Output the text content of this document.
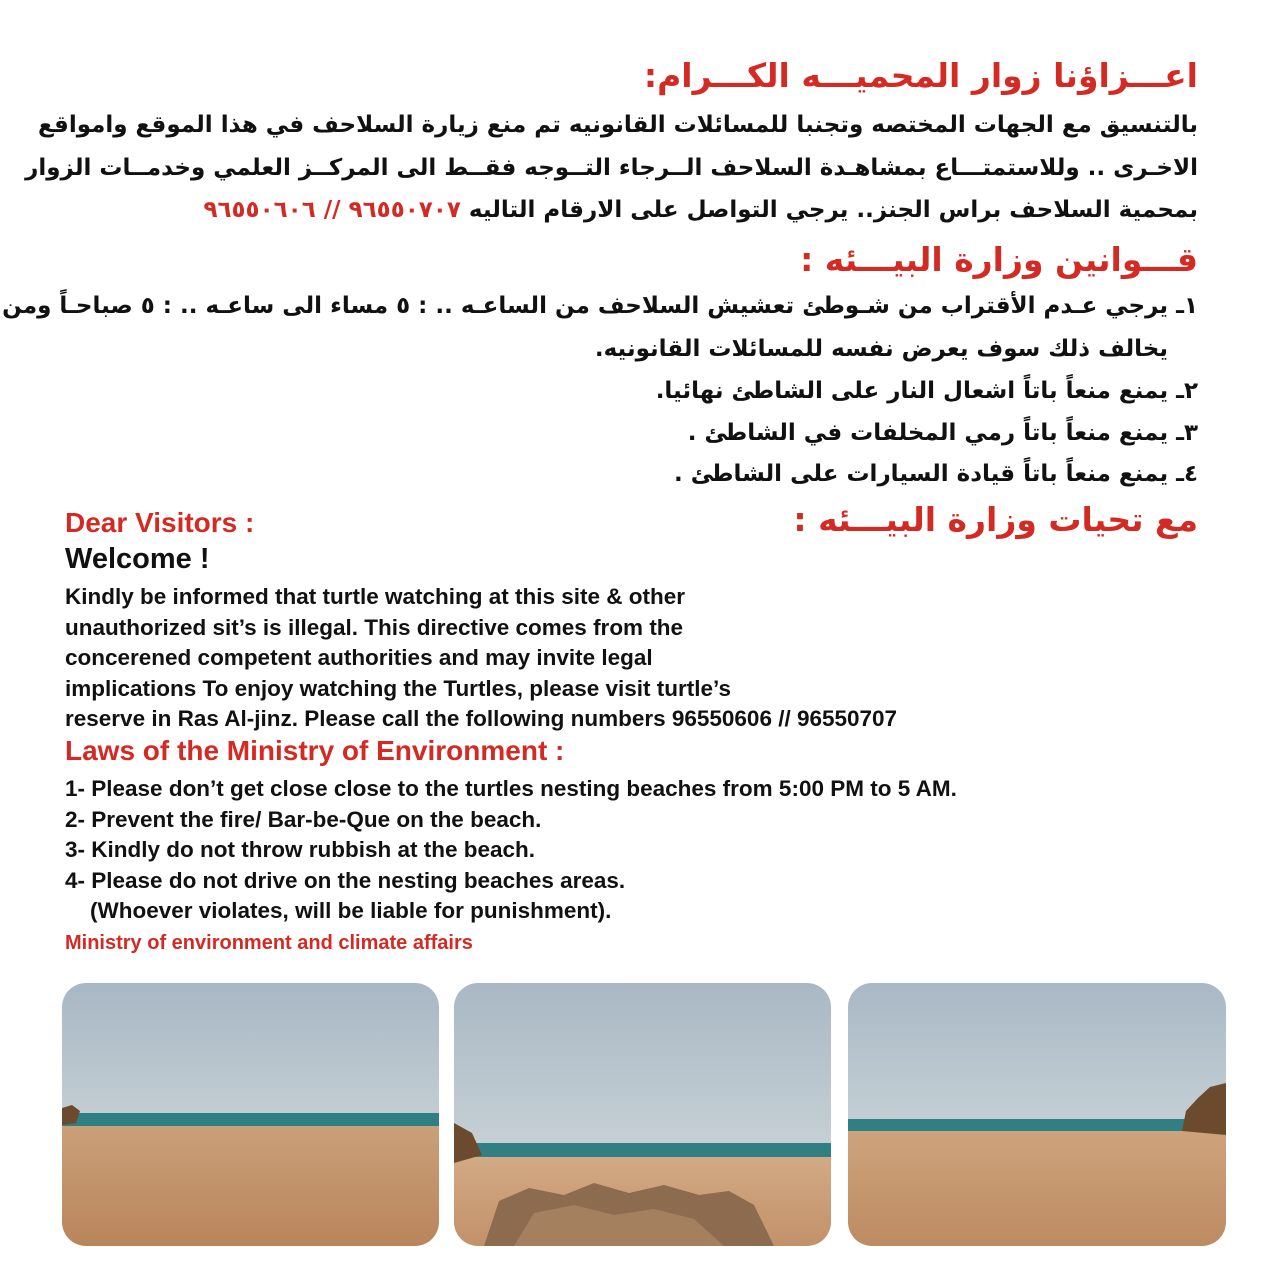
اعـــزاؤنا زوار المحميـــه الكـــرام:
بالتنسيق مع الجهات المختصه وتجنبا للمسائلات القانونيه تم منع زيارة السلاحف في هذا الموقع وامواقع
الاخـرى .. وللاستمتـــاع بمشاهـدة السلاحف الــرجاء التــوجه فقــط الى المركــز العلمي وخدمــات الزوار
بمحمية السلاحف براس الجنز.. يرجي التواصل على الارقام التاليه ٩٦٥٥٠٧٠٧ // ٩٦٥٥٠٦٠٦
قـــوانين وزارة البيـــئه :
١ـ يرجي عـدم الأقتراب من شـوطئ تعشيش السلاحف من الساعـه .. : ٥ مساء الى ساعـه .. : ٥ صباحـاً ومن
يخالف ذلك سوف يعرض نفسه للمسائلات القانونيه.
٢ـ يمنع منعاً باتاً اشعال النار على الشاطئ نهائيا.
٣ـ يمنع منعاً باتاً رمي المخلفات في الشاطئ .
٤ـ يمنع منعاً باتاً قيادة السيارات على الشاطئ .
مع تحيات وزارة البيـــئه :
Dear Visitors :
Welcome !
Kindly be informed that turtle watching at this site & other
unauthorized sit’s is illegal. This directive comes from the
concerened competent authorities and may invite legal
implications To enjoy watching the Turtles, please visit turtle’s
reserve in Ras Al-jinz. Please call the following numbers 96550606 // 96550707
Laws of the Ministry of Environment :
1- Please don’t get close close to the turtles nesting beaches from 5:00 PM to 5 AM.
2- Prevent the fire/ Bar-be-Que on the beach.
3- Kindly do not throw rubbish at the beach.
4- Please do not drive on the nesting beaches areas.
(Whoever violates, will be liable for punishment).
Ministry of environment and climate affairs
